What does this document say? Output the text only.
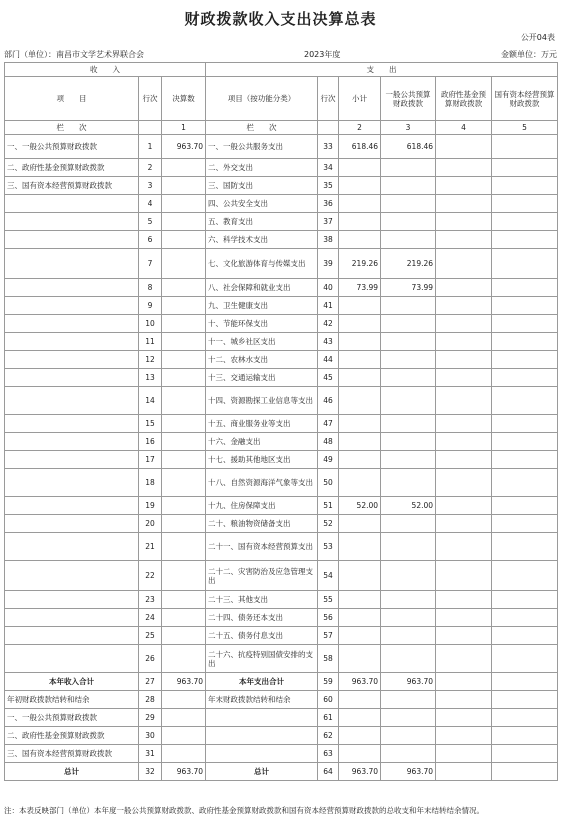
财政拨款收入支出决算总表
公开04表
部门（单位）：南昌市文学艺术界联合会	2023年度	金额单位：万元
收　　入			支　　出					
项　　目	行次	决算数	项目（按功能分类）	行次	小计	一般公共预算财政拨款	政府性基金预算财政拨款	国有资本经营预算财政拨款
栏　　次		1	栏　　次		2	3	4	5
一、一般公共预算财政拨款	1	963.70	一、一般公共服务支出	33	618.46	618.46		
二、政府性基金预算财政拨款	2		二、外交支出	34				
三、国有资本经营预算财政拨款	3		三、国防支出	35				
	4		四、公共安全支出	36				
	5		五、教育支出	37				
	6		六、科学技术支出	38				
	7		七、文化旅游体育与传媒支出	39	219.26	219.26		
	8		八、社会保障和就业支出	40	73.99	73.99		
	9		九、卫生健康支出	41				
	10		十、节能环保支出	42				
	11		十一、城乡社区支出	43				
	12		十二、农林水支出	44				
	13		十三、交通运输支出	45				
	14		十四、资源勘探工业信息等支出	46				
	15		十五、商业服务业等支出	47				
	16		十六、金融支出	48				
	17		十七、援助其他地区支出	49				
	18		十八、自然资源海洋气象等支出	50				
	19		十九、住房保障支出	51	52.00	52.00		
	20		二十、粮油物资储备支出	52				
	21		二十一、国有资本经营预算支出	53				
	22		二十二、灾害防治及应急管理支出	54				
	23		二十三、其他支出	55				
	24		二十四、债务还本支出	56				
	25		二十五、债务付息支出	57				
	26		二十六、抗疫特别国债安排的支出	58				
本年收入合计	27	963.70	本年支出合计	59	963.70	963.70		
年初财政拨款结转和结余	28		年末财政拨款结转和结余	60				
一、一般公共预算财政拨款	29			61				
二、政府性基金预算财政拨款	30			62				
三、国有资本经营预算财政拨款	31			63				
总计	32	963.70	总计	64	963.70	963.70		
注：本表反映部门（单位）本年度一般公共预算财政拨款、政府性基金预算财政拨款和国有资本经营预算财政拨款的总收支和年末结转结余情况。
